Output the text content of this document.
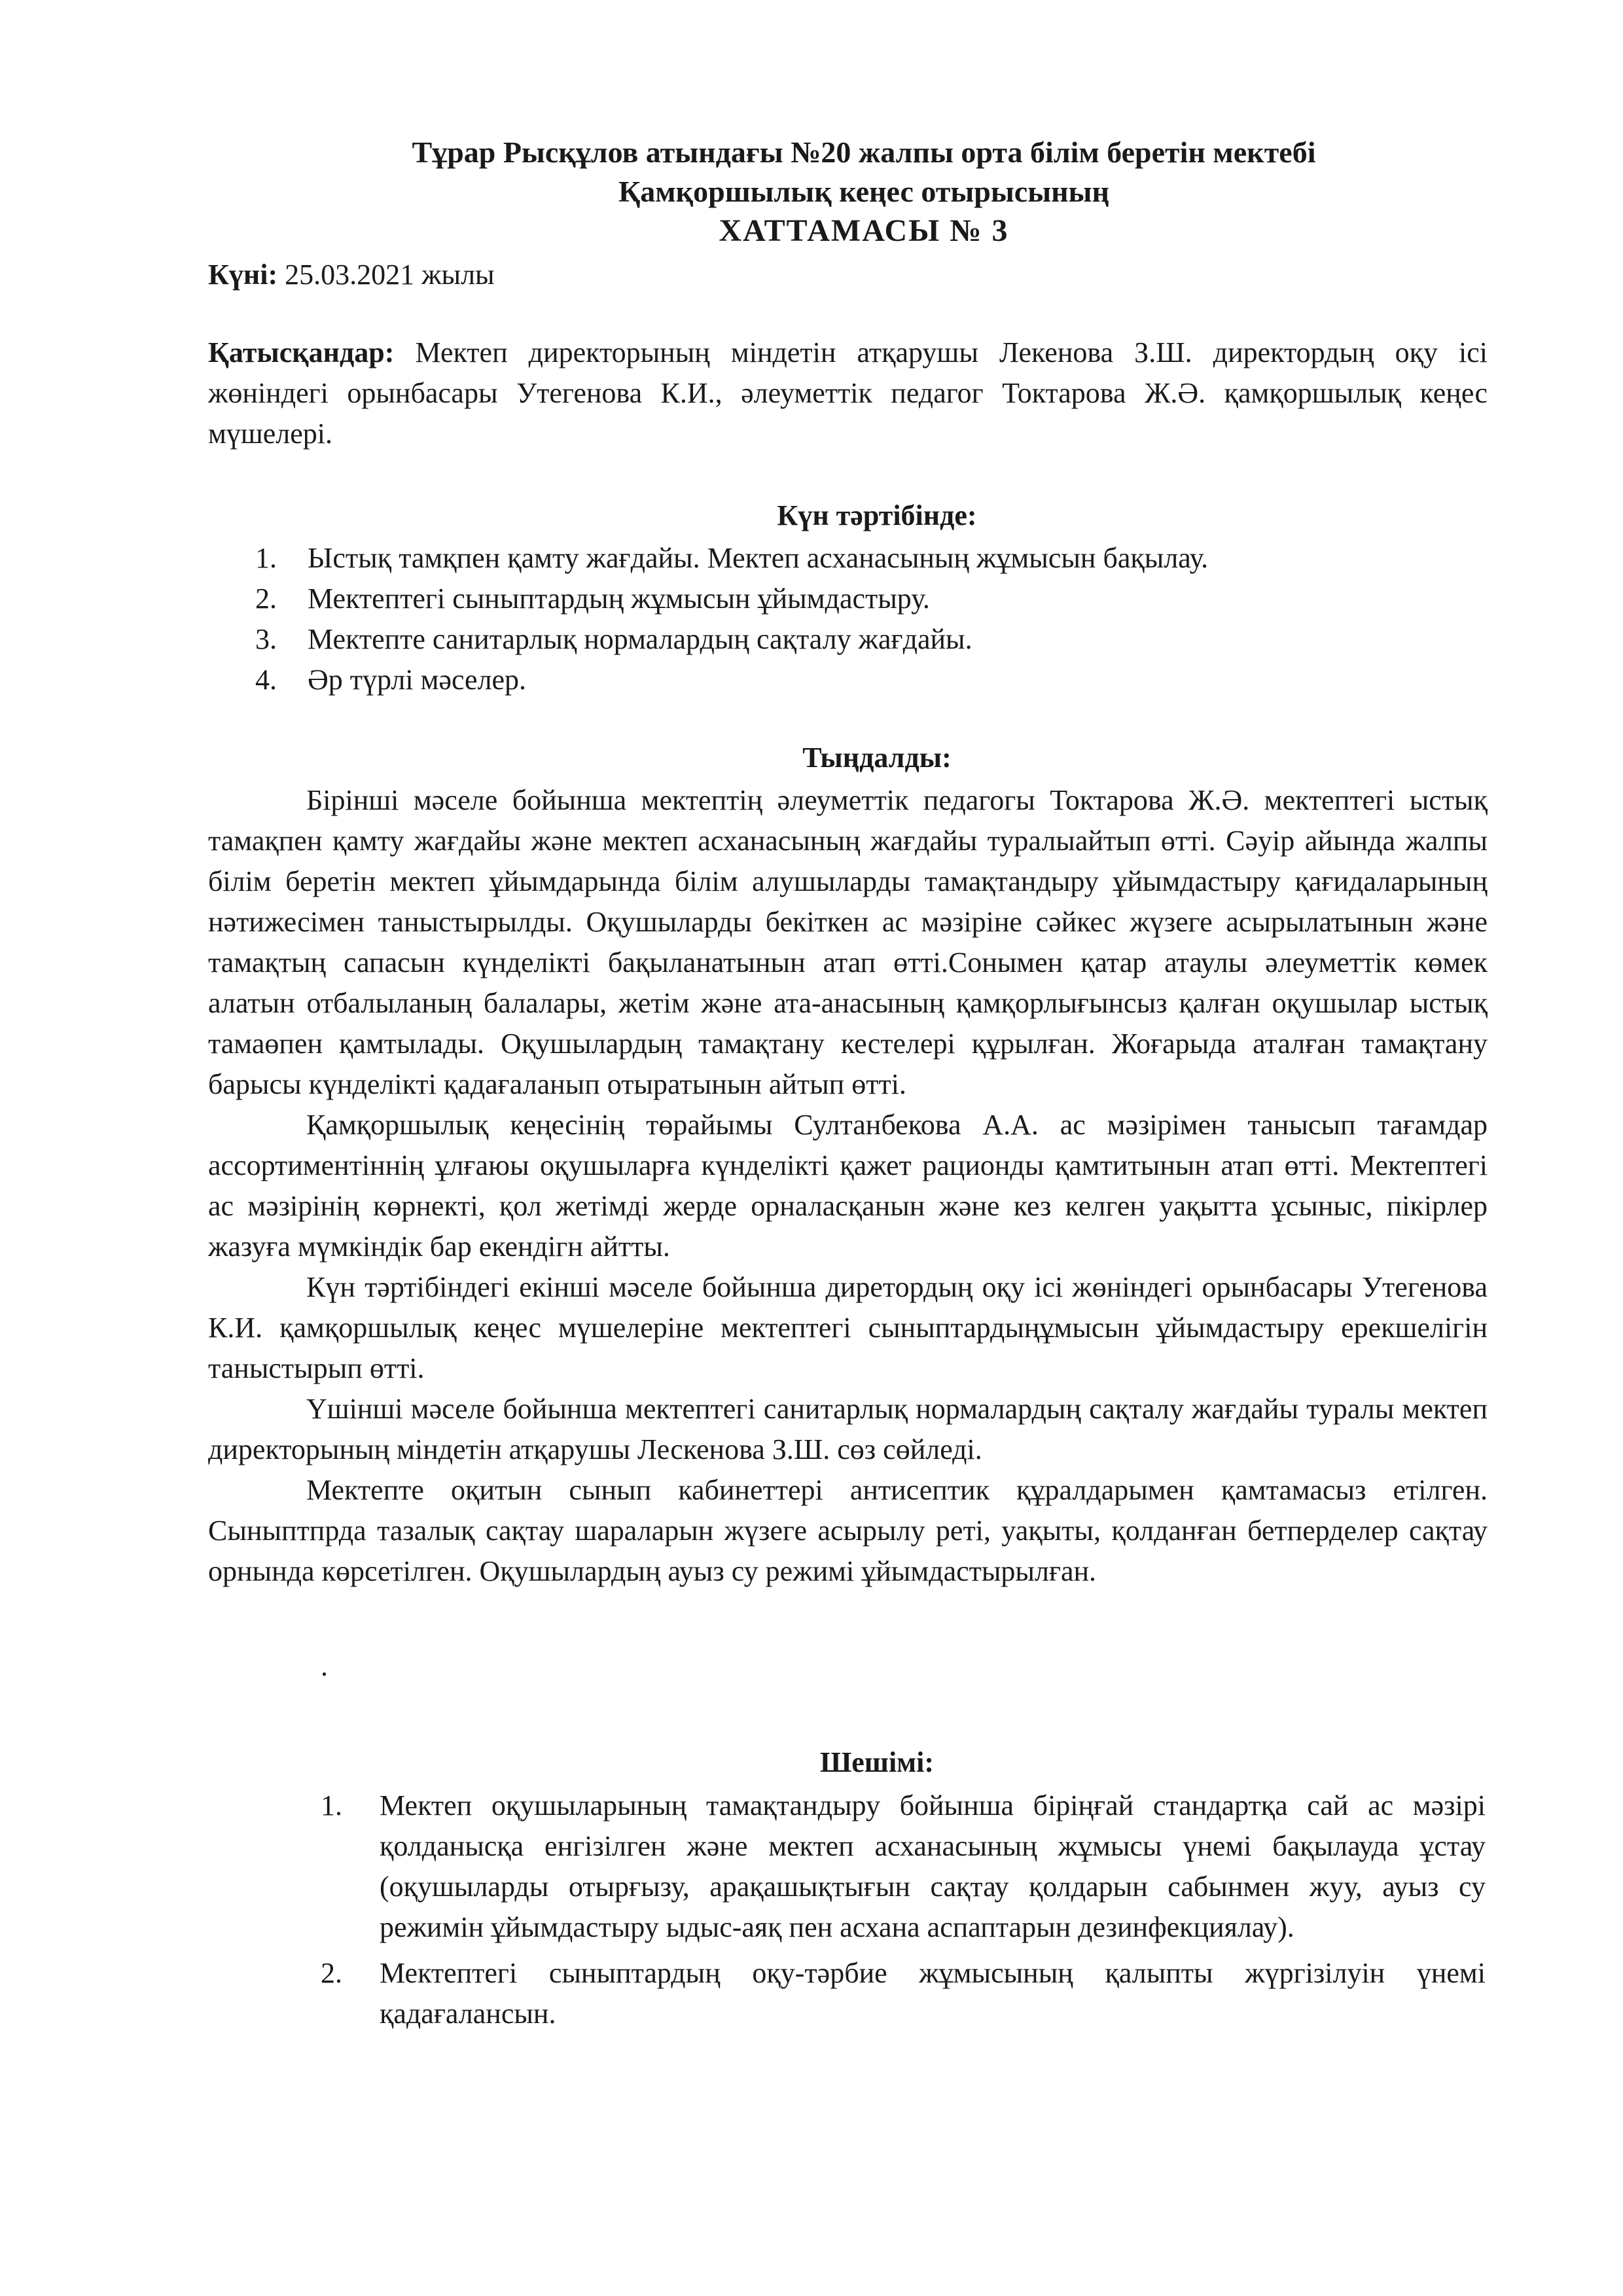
Тұрар Рысқұлов атындағы №20 жалпы орта білім беретін мектебі
Қамқоршылық кеңес отырысының
ХАТТАМАСЫ № 3
Күні: 25.03.2021 жылы
Қатысқандар: Мектеп директорының міндетін атқарушы Лекенова З.Ш. директордың оқу ісі жөніндегі орынбасары Утегенова К.И., әлеуметтік педагог Токтарова Ж.Ә. қамқоршылық кеңес мүшелері.
Күн тәртібінде:
1.	Ыстық тамқпен қамту жағдайы. Мектеп асханасының жұмысын бақылау.
2.	Мектептегі сыныптардың жұмысын ұйымдастыру.
3.	Мектепте санитарлық нормалардың сақталу жағдайы.
4.	Әр түрлі мәселер.
Тыңдалды:

Бірінші мәселе бойынша мектептің әлеуметтік педагогы Токтарова Ж.Ә. мектептегі ыстық тамақпен қамту жағдайы және мектеп асханасының жағдайы туралыайтып өтті. Сәуір айында жалпы білім беретін мектеп ұйымдарында білім алушыларды тамақтандыру ұйымдастыру қағидаларының нәтижесімен таныстырылды. Оқушыларды бекіткен ас мәзіріне сәйкес жүзеге асырылатынын және тамақтың сапасын күнделікті бақыланатынын атап өтті.Сонымен қатар атаулы әлеуметтік көмек алатын отбалыланың балалары, жетім және ата-анасының қамқорлығынсыз қалған оқушылар ыстық тамаөпен қамтылады. Оқушылардың тамақтану кестелері құрылған. Жоғарыда аталған тамақтану барысы күнделікті қадағаланып отыратынын айтып өтті.

Қамқоршылық кеңесінің төрайымы Султанбекова А.А. ас мәзірімен танысып тағамдар ассортиментіннің ұлғаюы оқушыларға күнделікті қажет рационды қамтитынын атап өтті. Мектептегі ас мәзірінің көрнекті, қол жетімді жерде орналасқанын және кез келген уақытта ұсыныс, пікірлер жазуға мүмкіндік бар екендігн айтты.

Күн тәртібіндегі екінші мәселе бойынша диретордың оқу ісі жөніндегі орынбасары Утегенова К.И. қамқоршылық кеңес мүшелеріне мектептегі сыныптардыңұмысын ұйымдастыру ерекшелігін таныстырып өтті.

Үшінші мәселе бойынша мектептегі санитарлық нормалардың сақталу жағдайы туралы мектеп директорының міндетін атқарушы Лескенова З.Ш. сөз сөйледі.

Мектепте оқитын сынып кабинеттері антисептик құралдарымен қамтамасыз етілген. Сыныптпрда тазалық сақтау шараларын жүзеге асырылу реті, уақыты, қолданған бетперделер сақтау орнында көрсетілген. Оқушылардың ауыз су режимі ұйымдастырылған.

.
Шешімі:
1.	Мектеп оқушыларының тамақтандыру бойынша біріңғай стандартқа сай ас мәзірі қолданысқа енгізілген және мектеп асханасының жұмысы үнемі бақылауда ұстау (оқушыларды отырғызу, арақашықтығын сақтау қолдарын сабынмен жуу, ауыз су режимін ұйымдастыру ыдыс-аяқ пен асхана аспаптарын дезинфекциялау).
2.	Мектептегі сыныптардың оқу-тәрбие жұмысының қалыпты жүргізілуін үнемі қадағалансын.
